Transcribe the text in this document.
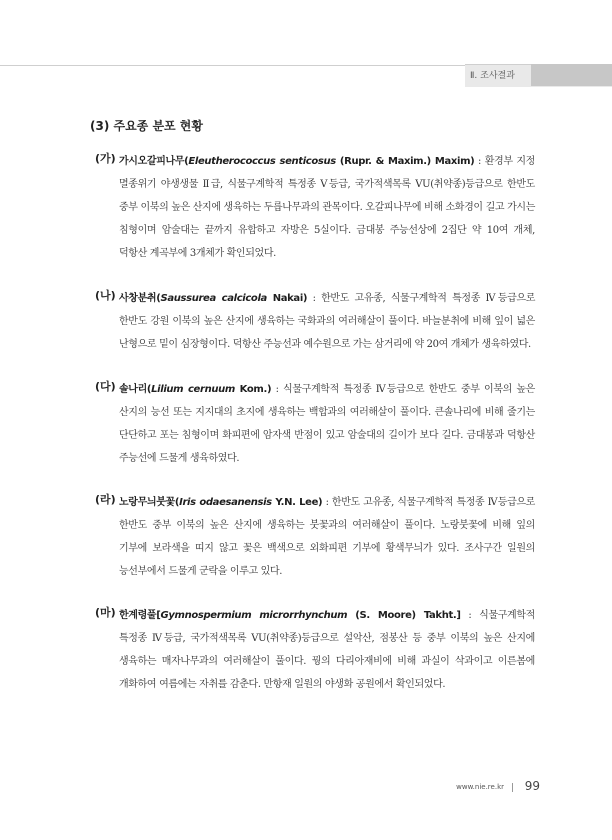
Ⅱ. 조사결과
(3) 주요종 분포 현황
(가) 가시오갈피나무(Eleutherococcus senticosus (Rupr. & Maxim.) Maxim) : 환경부 지정 멸종위기 야생생물 Ⅱ급, 식물구계학적 특정종 Ⅴ등급, 국가적색목록 VU(취약종)등급으로 한반도 중부 이북의 높은 산지에 생육하는 두릅나무과의 관목이다. 오갈피나무에 비해 소화경이 길고 가시는 침형이며 암술대는 끝까지 유합하고 자방은 5실이다. 금대봉 주능선상에 2집단 약 10여 개체, 덕항산 계곡부에 3개체가 확인되었다.
(나) 사창분취(Saussurea calcicola Nakai) : 한반도 고유종, 식물구계학적 특정종 Ⅳ등급으로 한반도 강원 이북의 높은 산지에 생육하는 국화과의 여러해살이 풀이다. 바늘분취에 비해 잎이 넓은 난형으로 밑이 심장형이다. 덕항산 주능선과 예수원으로 가는 삼거리에 약 20여 개체가 생육하였다.
(다) 솔나리(Lilium cernuum Kom.) : 식물구계학적 특정종 Ⅳ등급으로 한반도 중부 이북의 높은 산지의 능선 또는 지지대의 초지에 생육하는 백합과의 여러해살이 풀이다. 큰솔나리에 비해 줄기는 단단하고 포는 침형이며 화피편에 암자색 반점이 있고 암술대의 길이가 보다 길다. 금대봉과 덕항산 주능선에 드물게 생육하였다.
(라) 노랑무늬붓꽃(Iris odaesanensis Y.N. Lee) : 한반도 고유종, 식물구계학적 특정종 Ⅳ등급으로 한반도 중부 이북의 높은 산지에 생육하는 붓꽃과의 여러해살이 풀이다. 노랑붓꽃에 비해 잎의 기부에 보라색을 띠지 않고 꽃은 백색으로 외화피편 기부에 황색무늬가 있다. 조사구간 일원의 능선부에서 드물게 군락을 이루고 있다.
(마) 한계령풀[Gymnospermium microrrhynchum (S. Moore) Takht.] : 식물구계학적 특정종 Ⅳ등급, 국가적색목록 VU(취약종)등급으로 설악산, 점봉산 등 중부 이북의 높은 산지에 생육하는 매자나무과의 여러해살이 풀이다. 꿩의 다리아재비에 비해 과실이 삭과이고 이른봄에 개화하여 여름에는 자취를 감춘다. 만항재 일원의 야생화 공원에서 확인되었다.
www.nie.re.kr 99
